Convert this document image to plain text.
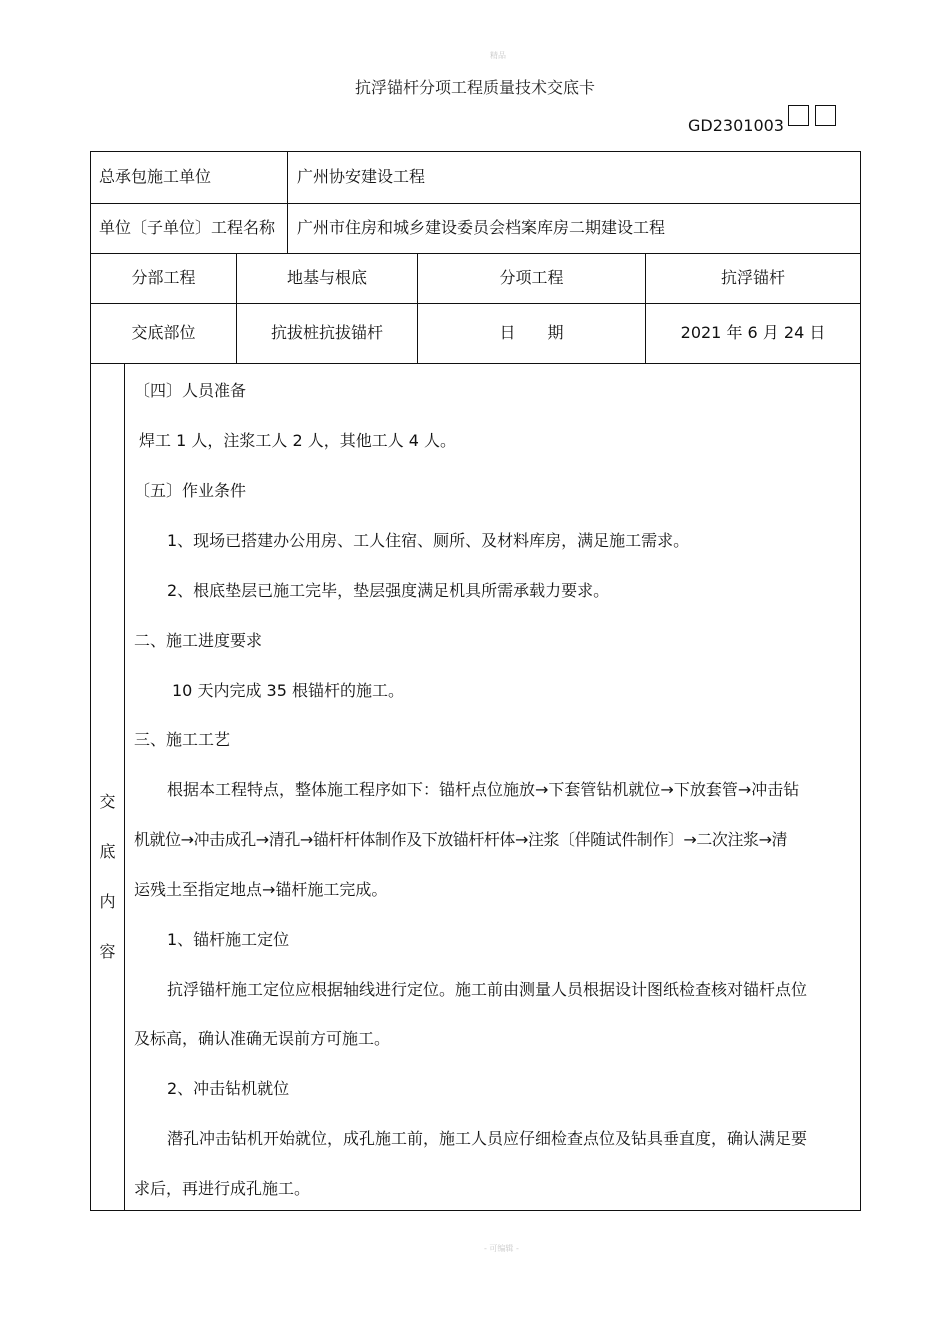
精品
抗浮锚杆分项工程质量技术交底卡
GD2301003
总承包施工单位	广州协安建设工程
单位〔子单位〕工程名称 广州市住房和城乡建设委员会档案库房二期建设工程
分部工程	地基与根底	分项工程	抗浮锚杆
交底部位	抗拔桩抗拔锚杆	日　　期	2021 年 6 月 24 日
交
底
内
容
〔四〕人员准备
焊工 1 人，注浆工人 2 人，其他工人 4 人。
〔五〕作业条件
1、现场已搭建办公用房、工人住宿、厕所、及材料库房，满足施工需求。
2、根底垫层已施工完毕，垫层强度满足机具所需承载力要求。
二、施工进度要求
10 天内完成 35 根锚杆的施工。
三、施工工艺
根据本工程特点，整体施工程序如下：锚杆点位施放→下套管钻机就位→下放套管→冲击钻
机就位→冲击成孔→清孔→锚杆杆体制作及下放锚杆杆体→注浆〔伴随试件制作〕→二次注浆→清
运残土至指定地点→锚杆施工完成。
1、锚杆施工定位
抗浮锚杆施工定位应根据轴线进行定位。施工前由测量人员根据设计图纸检查核对锚杆点位
及标高，确认准确无误前方可施工。
2、冲击钻机就位
潜孔冲击钻机开始就位，成孔施工前，施工人员应仔细检查点位及钻具垂直度，确认满足要
求后，再进行成孔施工。
- 可编辑 -
